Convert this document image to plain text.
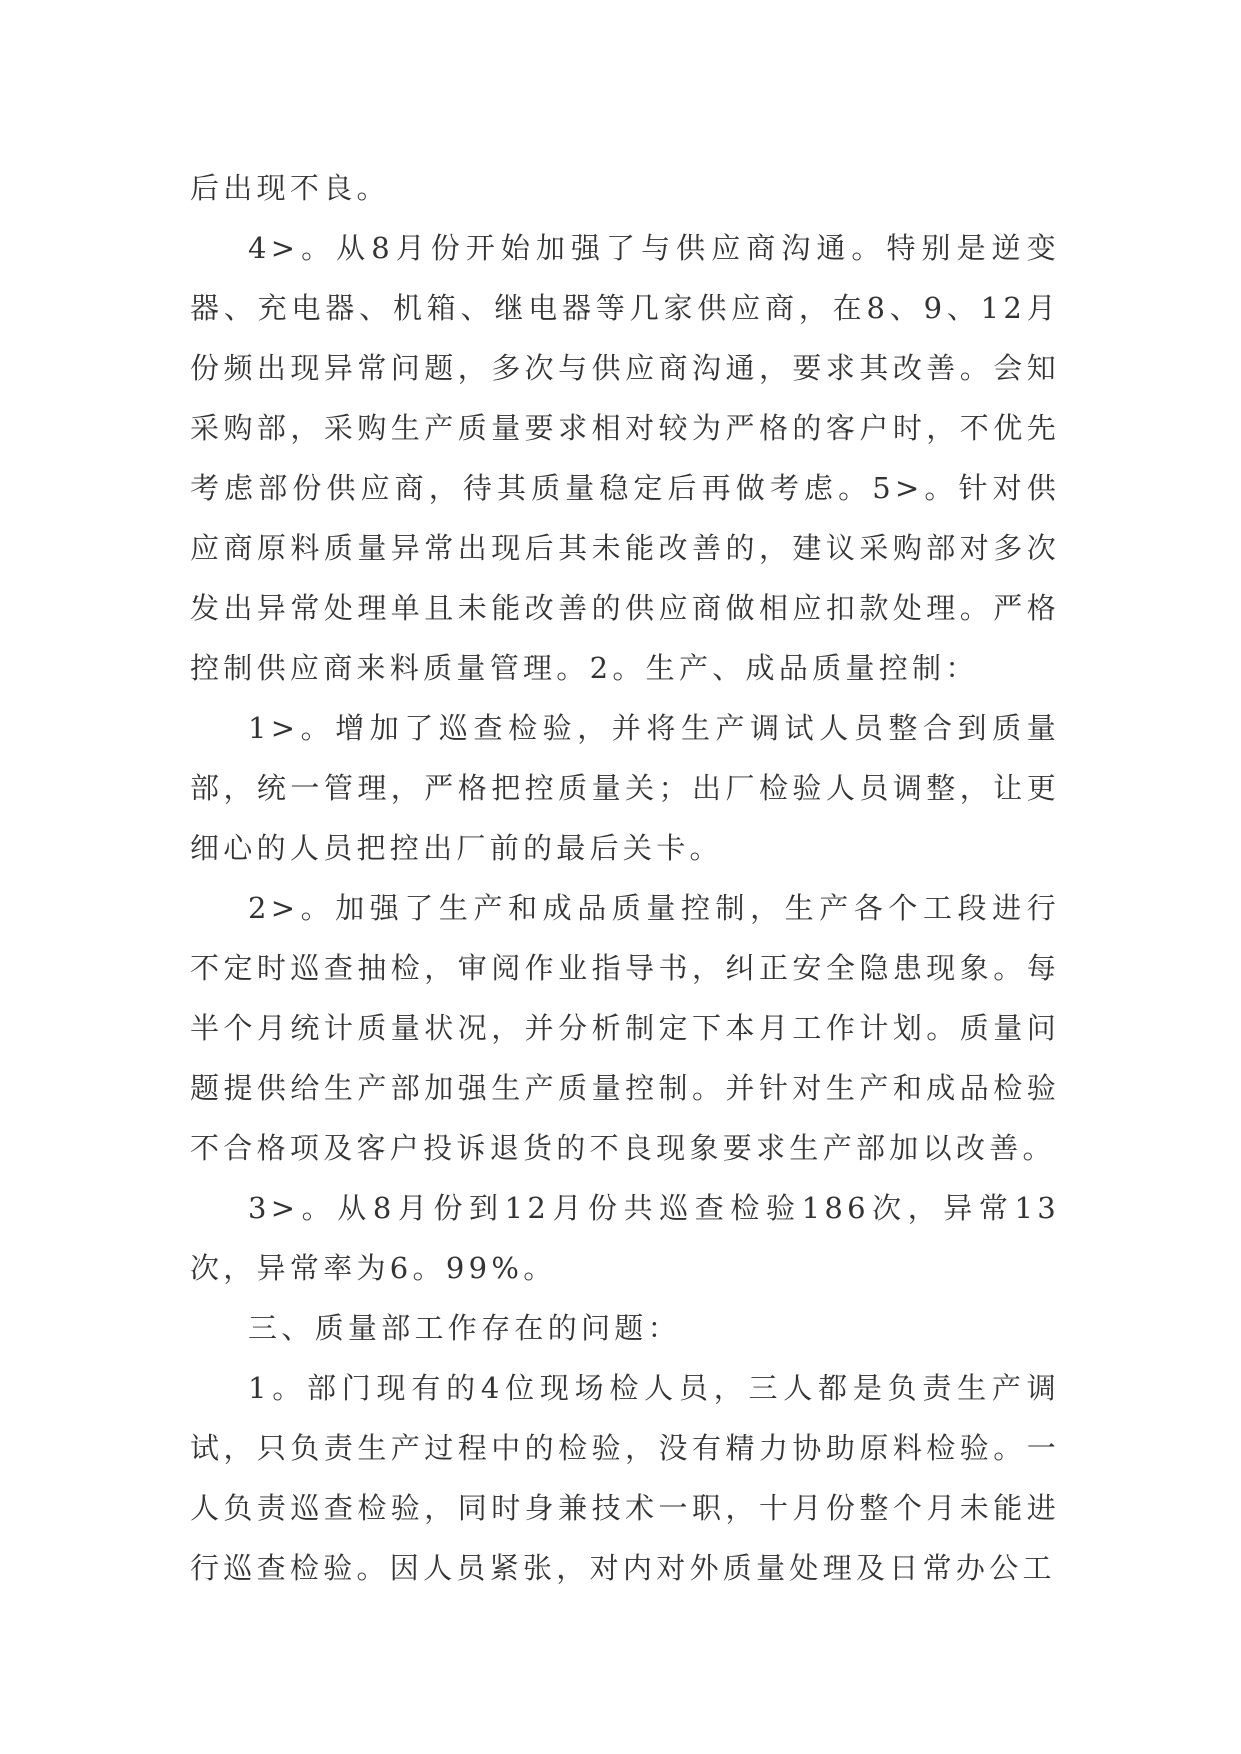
后出现不良。

4>。从8月份开始加强了与供应商沟通。特别是逆变器、充电器、机箱、继电器等几家供应商，在8、9、12月份频出现异常问题，多次与供应商沟通，要求其改善。会知采购部，采购生产质量要求相对较为严格的客户时，不优先考虑部份供应商，待其质量稳定后再做考虑。5>。针对供应商原料质量异常出现后其未能改善的，建议采购部对多次发出异常处理单且未能改善的供应商做相应扣款处理。严格控制供应商来料质量管理。2。生产、成品质量控制：

1>。增加了巡查检验，并将生产调试人员整合到质量部，统一管理，严格把控质量关；出厂检验人员调整，让更细心的人员把控出厂前的最后关卡。

2>。加强了生产和成品质量控制，生产各个工段进行不定时巡查抽检，审阅作业指导书，纠正安全隐患现象。每半个月统计质量状况，并分析制定下本月工作计划。质量问题提供给生产部加强生产质量控制。并针对生产和成品检验不合格项及客户投诉退货的不良现象要求生产部加以改善。

3>。从8月份到12月份共巡查检验186次，异常13次，异常率为6。99%。

三、质量部工作存在的问题：

1。部门现有的4位现场检人员，三人都是负责生产调试，只负责生产过程中的检验，没有精力协助原料检验。一人负责巡查检验，同时身兼技术一职，十月份整个月未能进行巡查检验。因人员紧张，对内对外质量处理及日常办公工
